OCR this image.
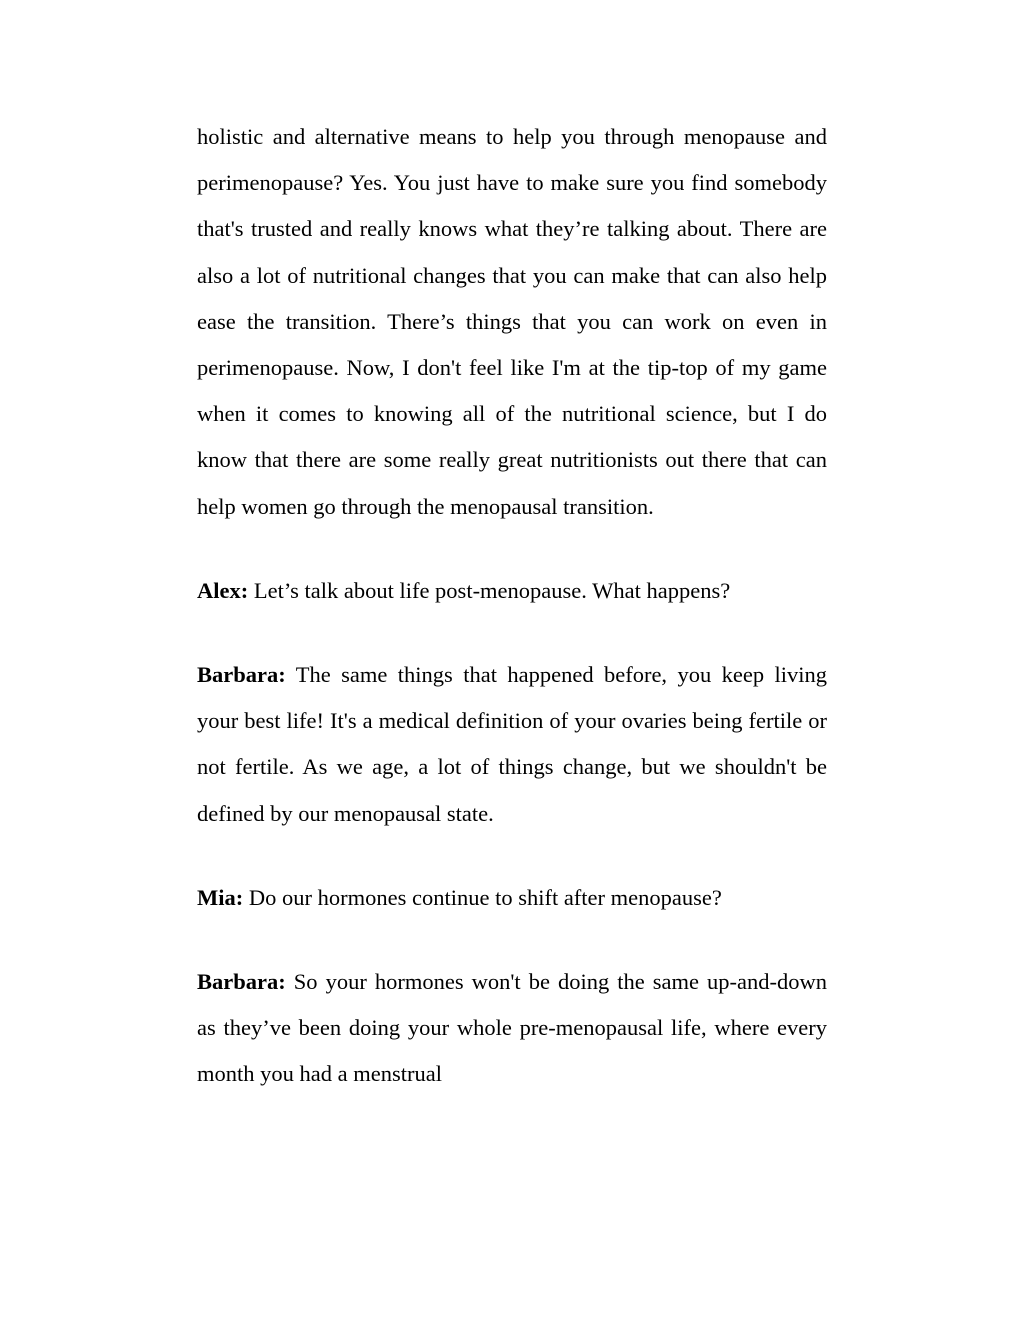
holistic and alternative means to help you through menopause and perimenopause? Yes. You just have to make sure you find somebody that's trusted and really knows what they’re talking about. There are also a lot of nutritional changes that you can make that can also help ease the transition. There’s things that you can work on even in perimenopause. Now, I don't feel like I'm at the tip-top of my game when it comes to knowing all of the nutritional science, but I do know that there are some really great nutritionists out there that can help women go through the menopausal transition.

Alex: Let’s talk about life post-menopause. What happens?

Barbara: The same things that happened before, you keep living your best life! It's a medical definition of your ovaries being fertile or not fertile. As we age, a lot of things change, but we shouldn't be defined by our menopausal state.

Mia: Do our hormones continue to shift after menopause?

Barbara: So your hormones won't be doing the same up-and-down as they’ve been doing your whole pre-menopausal life, where every month you had a menstrual
